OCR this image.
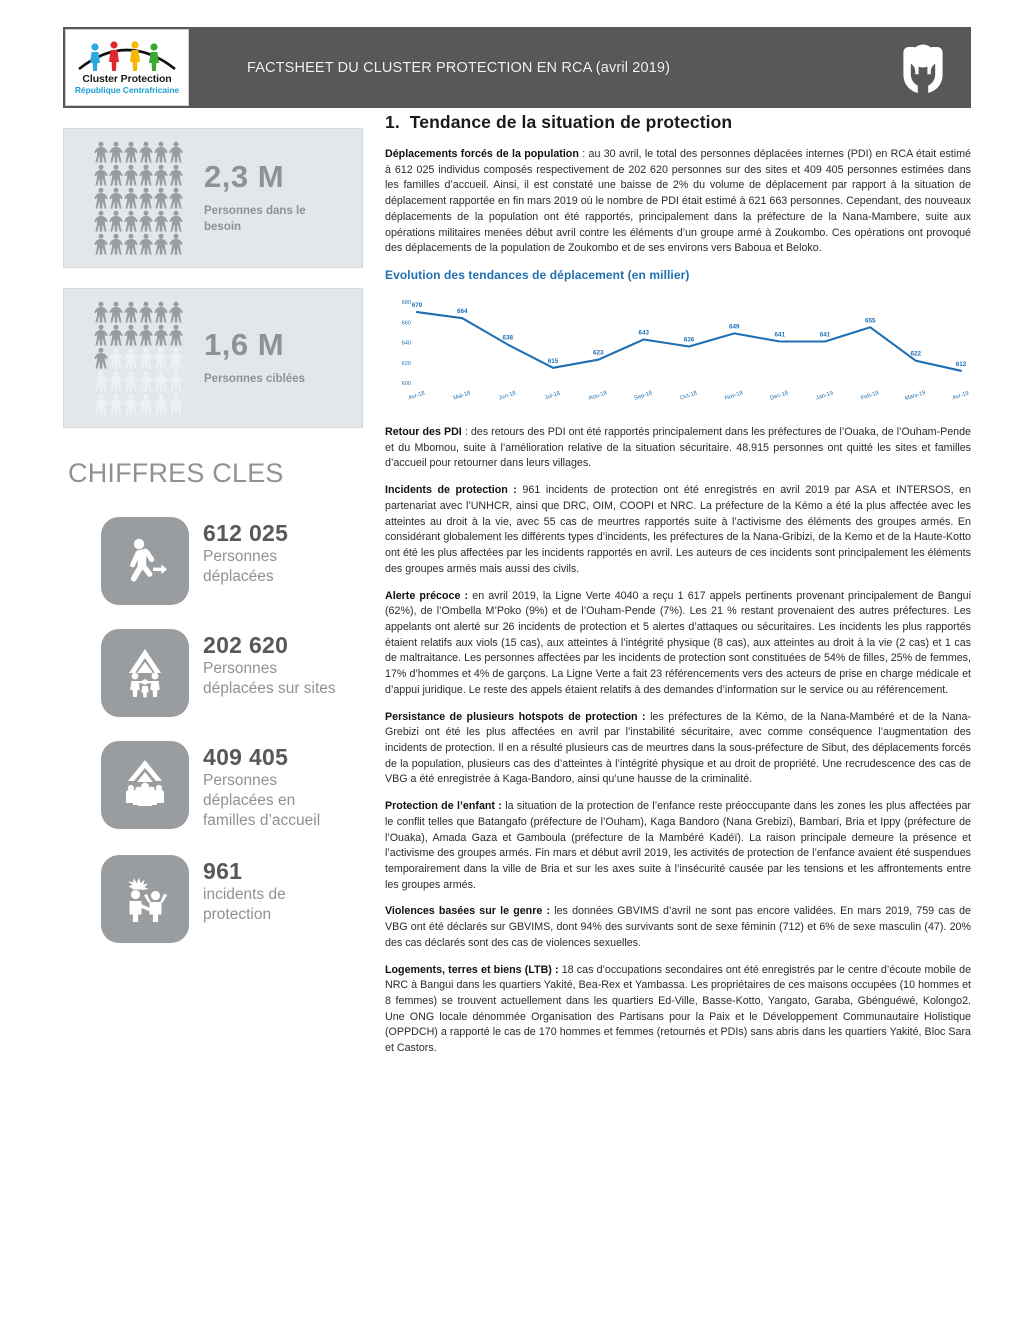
Cluster Protection
République Centrafricaine
FACTSHEET DU CLUSTER PROTECTION EN RCA (avril 2019)
2,3 M
Personnes dans le besoin
1,6 M
Personnes ciblées
CHIFFRES CLES
612 025
Personnes déplacées
202 620
Personnes déplacées sur sites
409 405
Personnes déplacées en familles d’accueil
961
incidents de protection
1. Tendance de la situation de protection

Déplacements forcés de la population : au 30 avril, le total des personnes déplacées internes (PDI) en RCA était estimé à 612 025 individus composés respectivement de 202 620 personnes sur des sites et 409 405 personnes estimées dans les familles d’accueil. Ainsi, il est constaté une baisse de 2% du volume de déplacement par rapport à la situation de déplacement rapportée en fin mars 2019 où le nombre de PDI était estimé à 621 663 personnes. Cependant, des nouveaux déplacements de la population ont été rapportés, principalement dans la préfecture de la Nana-Mambere, suite aux opérations militaires menées début avril contre les éléments d’un groupe armé à Zoukombo. Ces opérations ont provoqué des déplacements de la population de Zoukombo et de ses environs vers Baboua et Beloko.

Evolution des tendances de déplacement (en millier)
600
620
640
660
680 670
664
638
615
623
643
636
649
641	641
655
622
612
Avr-18	Mai-18	Jun-18	Jul-18	Aou-18	Sep-18	Oct-18	Nov-18	Dec-18	Jan-19	Feb-19	Mars-19	Avr-19

Retour des PDI : des retours des PDI ont été rapportés principalement dans les préfectures de l’Ouaka, de l’Ouham-Pende et du Mbomou, suite à l’amélioration relative de la situation sécuritaire. 48.915 personnes ont quitté les sites et familles d’accueil pour retourner dans leurs villages.

Incidents de protection : 961 incidents de protection ont été enregistrés en avril 2019 par ASA et INTERSOS, en partenariat avec l’UNHCR, ainsi que DRC, OIM, COOPI et NRC. La préfecture de la Kémo a été la plus affectée avec les atteintes au droit à la vie, avec 55 cas de meurtres rapportés suite à l’activisme des éléments des groupes armés. En considérant globalement les différents types d’incidents, les préfectures de la Nana-Gribizi, de la Kemo et de la Haute-Kotto ont été les plus affectées par les incidents rapportés en avril. Les auteurs de ces incidents sont principalement les éléments des groupes armés mais aussi des civils.

Alerte précoce : en avril 2019, la Ligne Verte 4040 a reçu 1 617 appels pertinents provenant principalement de Bangui (62%), de l’Ombella M’Poko (9%) et de l’Ouham-Pende (7%). Les 21 % restant provenaient des autres préfectures. Les appelants ont alerté sur 26 incidents de protection et 5 alertes d’attaques ou sécuritaires. Les incidents les plus rapportés étaient relatifs aux viols (15 cas), aux atteintes à l’intégrité physique (8 cas), aux atteintes au droit à la vie (2 cas) et 1 cas de maltraitance. Les personnes affectées par les incidents de protection sont constituées de 54% de filles, 25% de femmes, 17% d’hommes et 4% de garçons. La Ligne Verte a fait 23 référencements vers des acteurs de prise en charge médicale et d’appui juridique. Le reste des appels étaient relatifs à des demandes d’information sur le service ou au référencement.

Persistance de plusieurs hotspots de protection : les préfectures de la Kémo, de la Nana-Mambéré et de la Nana-Grebizi ont été les plus affectées en avril par l’instabilité sécuritaire, avec comme conséquence l’augmentation des incidents de protection. Il en a résulté plusieurs cas de meurtres dans la sous-préfecture de Sibut, des déplacements forcés de la population, plusieurs cas des d’atteintes à l’intégrité physique et au droit de propriété. Une recrudescence des cas de VBG a été enregistrée à Kaga-Bandoro, ainsi qu’une hausse de la criminalité.

Protection de l’enfant : la situation de la protection de l’enfance reste préoccupante dans les zones les plus affectées par le conflit telles que Batangafo (préfecture de l’Ouham), Kaga Bandoro (Nana Grebizi), Bambari, Bria et Ippy (préfecture de l’Ouaka), Amada Gaza et Gamboula (préfecture de la Mambéré Kadéï). La raison principale demeure la présence et l’activisme des groupes armés. Fin mars et début avril 2019, les activités de protection de l’enfance avaient été suspendues temporairement dans la ville de Bria et sur les axes suite à l’insécurité causée par les tensions et les affrontements entre les groupes armés.

Violences basées sur le genre : les données GBVIMS d’avril ne sont pas encore validées. En mars 2019, 759 cas de VBG ont été déclarés sur GBVIMS, dont 94% des survivants sont de sexe féminin (712) et 6% de sexe masculin (47). 20% des cas déclarés sont des cas de violences sexuelles.

Logements, terres et biens (LTB) : 18 cas d’occupations secondaires ont été enregistrés par le centre d’écoute mobile de NRC à Bangui dans les quartiers Yakité, Bea-Rex et Yambassa. Les propriétaires de ces maisons occupées (10 hommes et 8 femmes) se trouvent actuellement dans les quartiers Ed-Ville, Basse-Kotto, Yangato, Garaba, Gbénguéwé, Kolongo2. Une ONG locale dénommée Organisation des Partisans pour la Paix et le Développement Communautaire Holistique (OPPDCH) a rapporté le cas de 170 hommes et femmes (retournés et PDIs) sans abris dans les quartiers Yakité, Bloc Sara et Castors.
